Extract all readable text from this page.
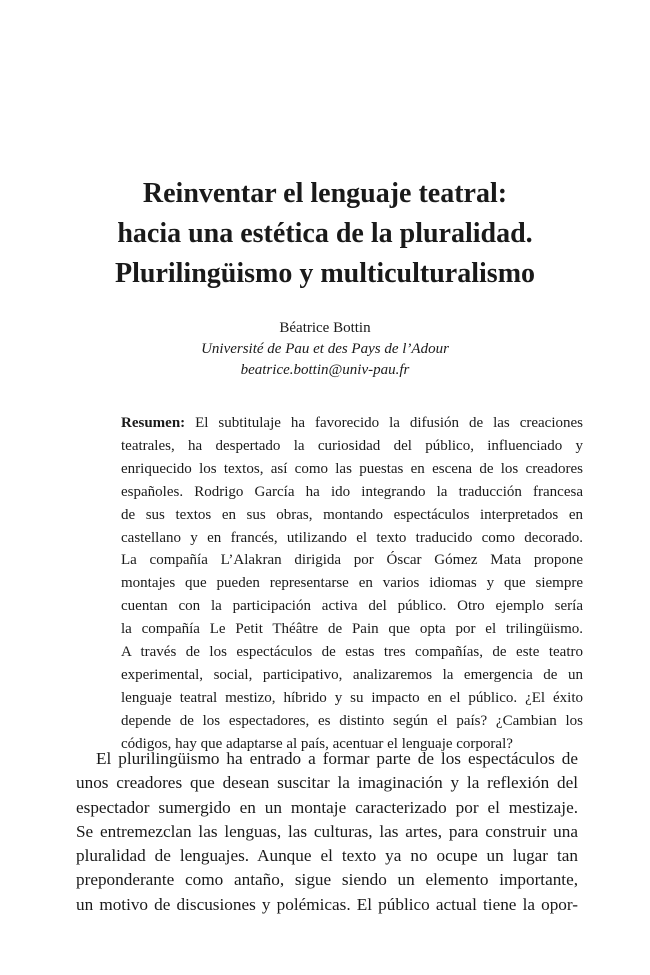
Reinventar el lenguaje teatral:
hacia una estética de la pluralidad.
Plurilingüismo y multiculturalismo
Béatrice Bottin
Université de Pau et des Pays de l’Adour
beatrice.bottin@univ-pau.fr

Resumen: El subtitulaje ha favorecido la difusión de las creaciones
teatrales, ha despertado la curiosidad del público, influenciado y
enriquecido los textos, así como las puestas en escena de los creadores
españoles. Rodrigo García ha ido integrando la traducción francesa
de sus textos en sus obras, montando espectáculos interpretados en
castellano y en francés, utilizando el texto traducido como decorado.
La compañía L’Alakran dirigida por Óscar Gómez Mata propone
montajes que pueden representarse en varios idiomas y que siempre
cuentan con la participación activa del público. Otro ejemplo sería
la compañía Le Petit Théâtre de Pain que opta por el trilingüismo.
A través de los espectáculos de estas tres compañías, de este teatro
experimental, social, participativo, analizaremos la emergencia de un
lenguaje teatral mestizo, híbrido y su impacto en el público. ¿El éxito
depende de los espectadores, es distinto según el país? ¿Cambian los
códigos, hay que adaptarse al país, acentuar el lenguaje corporal?

El plurilingüismo ha entrado a formar parte de los espectáculos de
unos creadores que desean suscitar la imaginación y la reflexión del
espectador sumergido en un montaje caracterizado por el mestizaje.
Se entremezclan las lenguas, las culturas, las artes, para construir una
pluralidad de lenguajes. Aunque el texto ya no ocupe un lugar tan
preponderante como antaño, sigue siendo un elemento importante,
un motivo de discusiones y polémicas. El público actual tiene la opor-
